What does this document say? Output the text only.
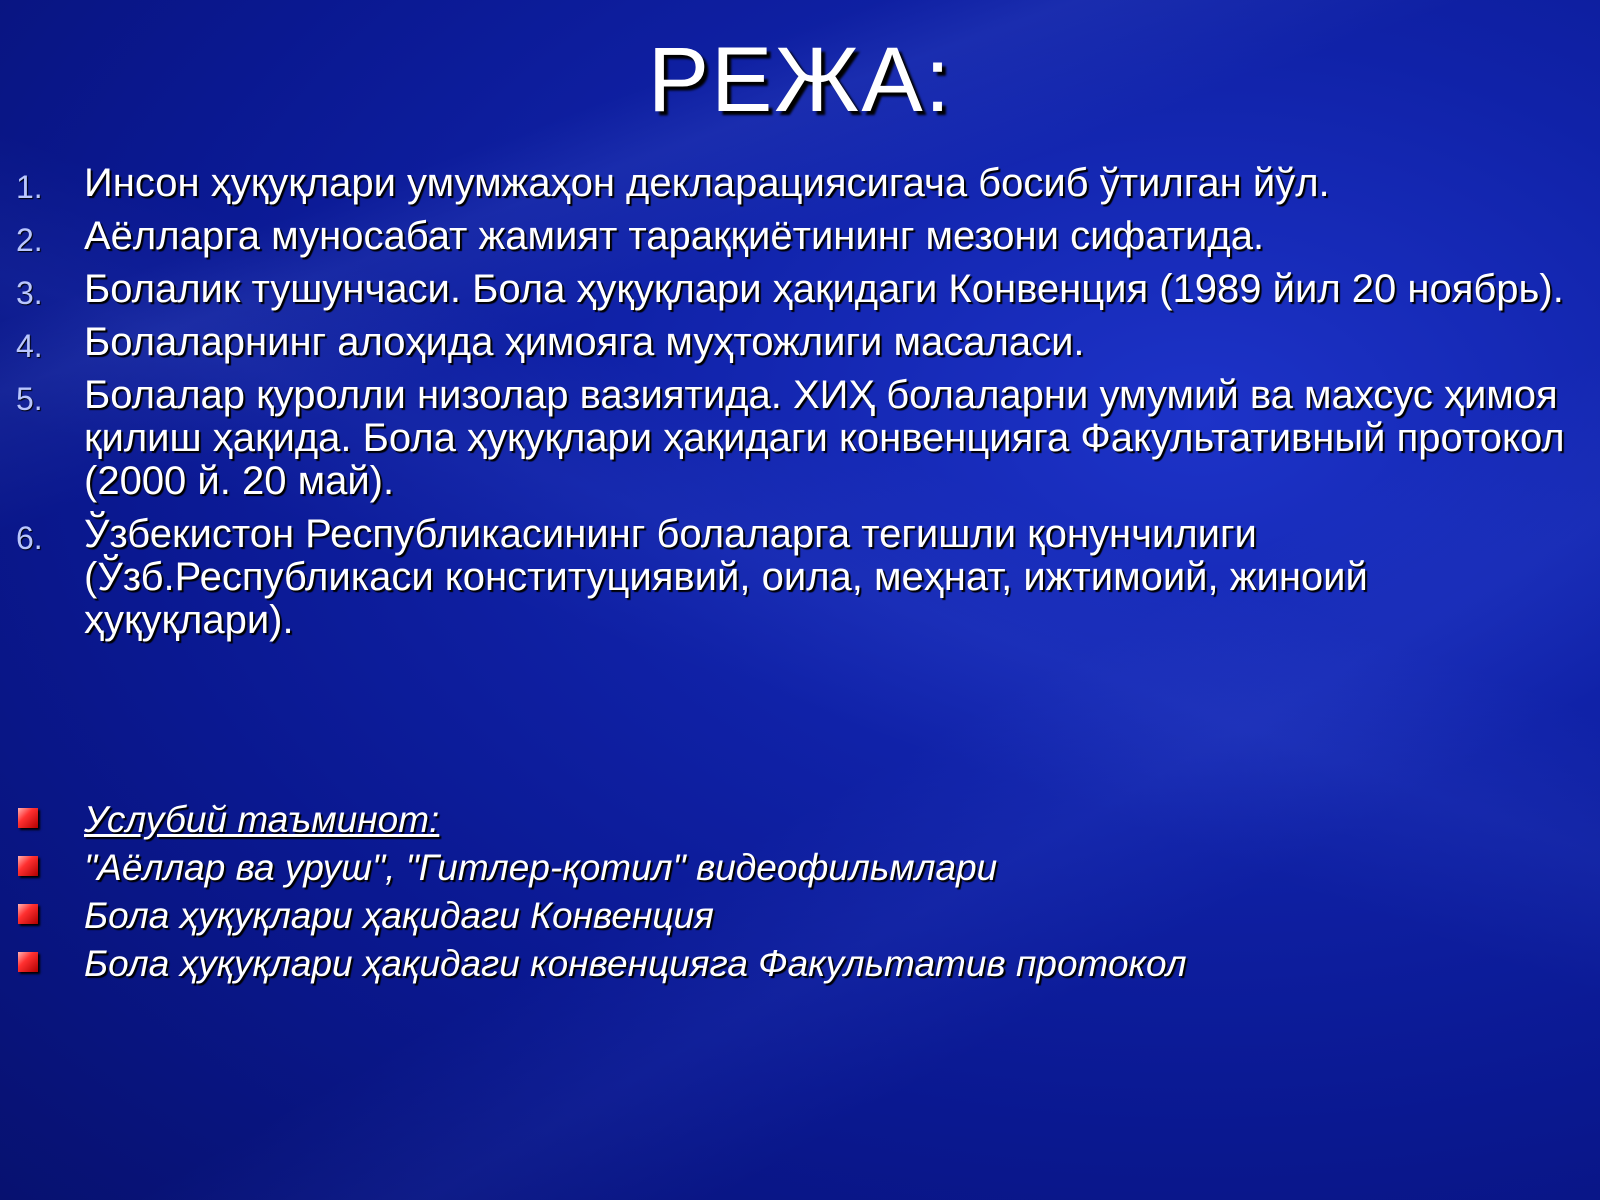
РЕЖА:
1. Инсон ҳуқуқлари умумжаҳон декларациясигача босиб ўтилган йўл.
2. Аёлларга муносабат жамият тараққиётининг мезони сифатида.
3. Болалик тушунчаси. Бола ҳуқуқлари ҳақидаги Конвенция (1989 йил 20 ноябрь).
4. Болаларнинг алоҳида ҳимояга муҳтожлиги масаласи.
5. Болалар қуролли низолар вазиятида. ХИҲ болаларни умумий ва махсус ҳимоя қилиш ҳақида. Бола ҳуқуқлари ҳақидаги конвенцияга Факультативный протокол (2000 й. 20 май).
6. Ўзбекистон Республикасининг болаларга тегишли қонунчилиги (Ўзб.Республикаси конституциявий, оила, меҳнат, ижтимоий, жиноий ҳуқуқлари).
Услубий таъминот:
"Аёллар ва уруш", "Гитлер-қотил" видеофильмлари
Бола ҳуқуқлари ҳақидаги Конвенция
Бола ҳуқуқлари ҳақидаги конвенцияга Факультатив протокол
